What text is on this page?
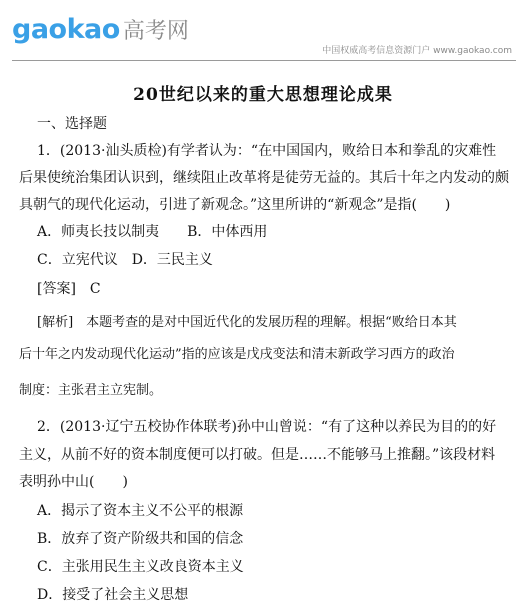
gaokao 高考网
中国权威高考信息资源门户 www.gaokao.com
20世纪以来的重大思想理论成果
一、选择题
1．(2013·汕头质检)有学者认为：“在中国国内，败给日本和拳乱的灾难性
后果使统治集团认识到，继续阻止改革将是徒劳无益的。其后十年之内发动的颇
具朝气的现代化运动，引进了新观念。”这里所讲的“新观念”是指(　　)
A．师夷长技以制夷　　B．中体西用
C．立宪代议　D．三民主义
[答案]　C
[解析]　本题考查的是对中国近代化的发展历程的理解。根据“败给日本其
后十年之内发动现代化运动”指的应该是戊戌变法和清末新政学习西方的政治
制度：主张君主立宪制。
2．(2013·辽宁五校协作体联考)孙中山曾说：“有了这种以养民为目的的好
主义，从前不好的资本制度便可以打破。但是……不能够马上推翻。”该段材料
表明孙中山(　　)
A．揭示了资本主义不公平的根源
B．放弃了资产阶级共和国的信念
C．主张用民生主义改良资本主义
D．接受了社会主义思想
